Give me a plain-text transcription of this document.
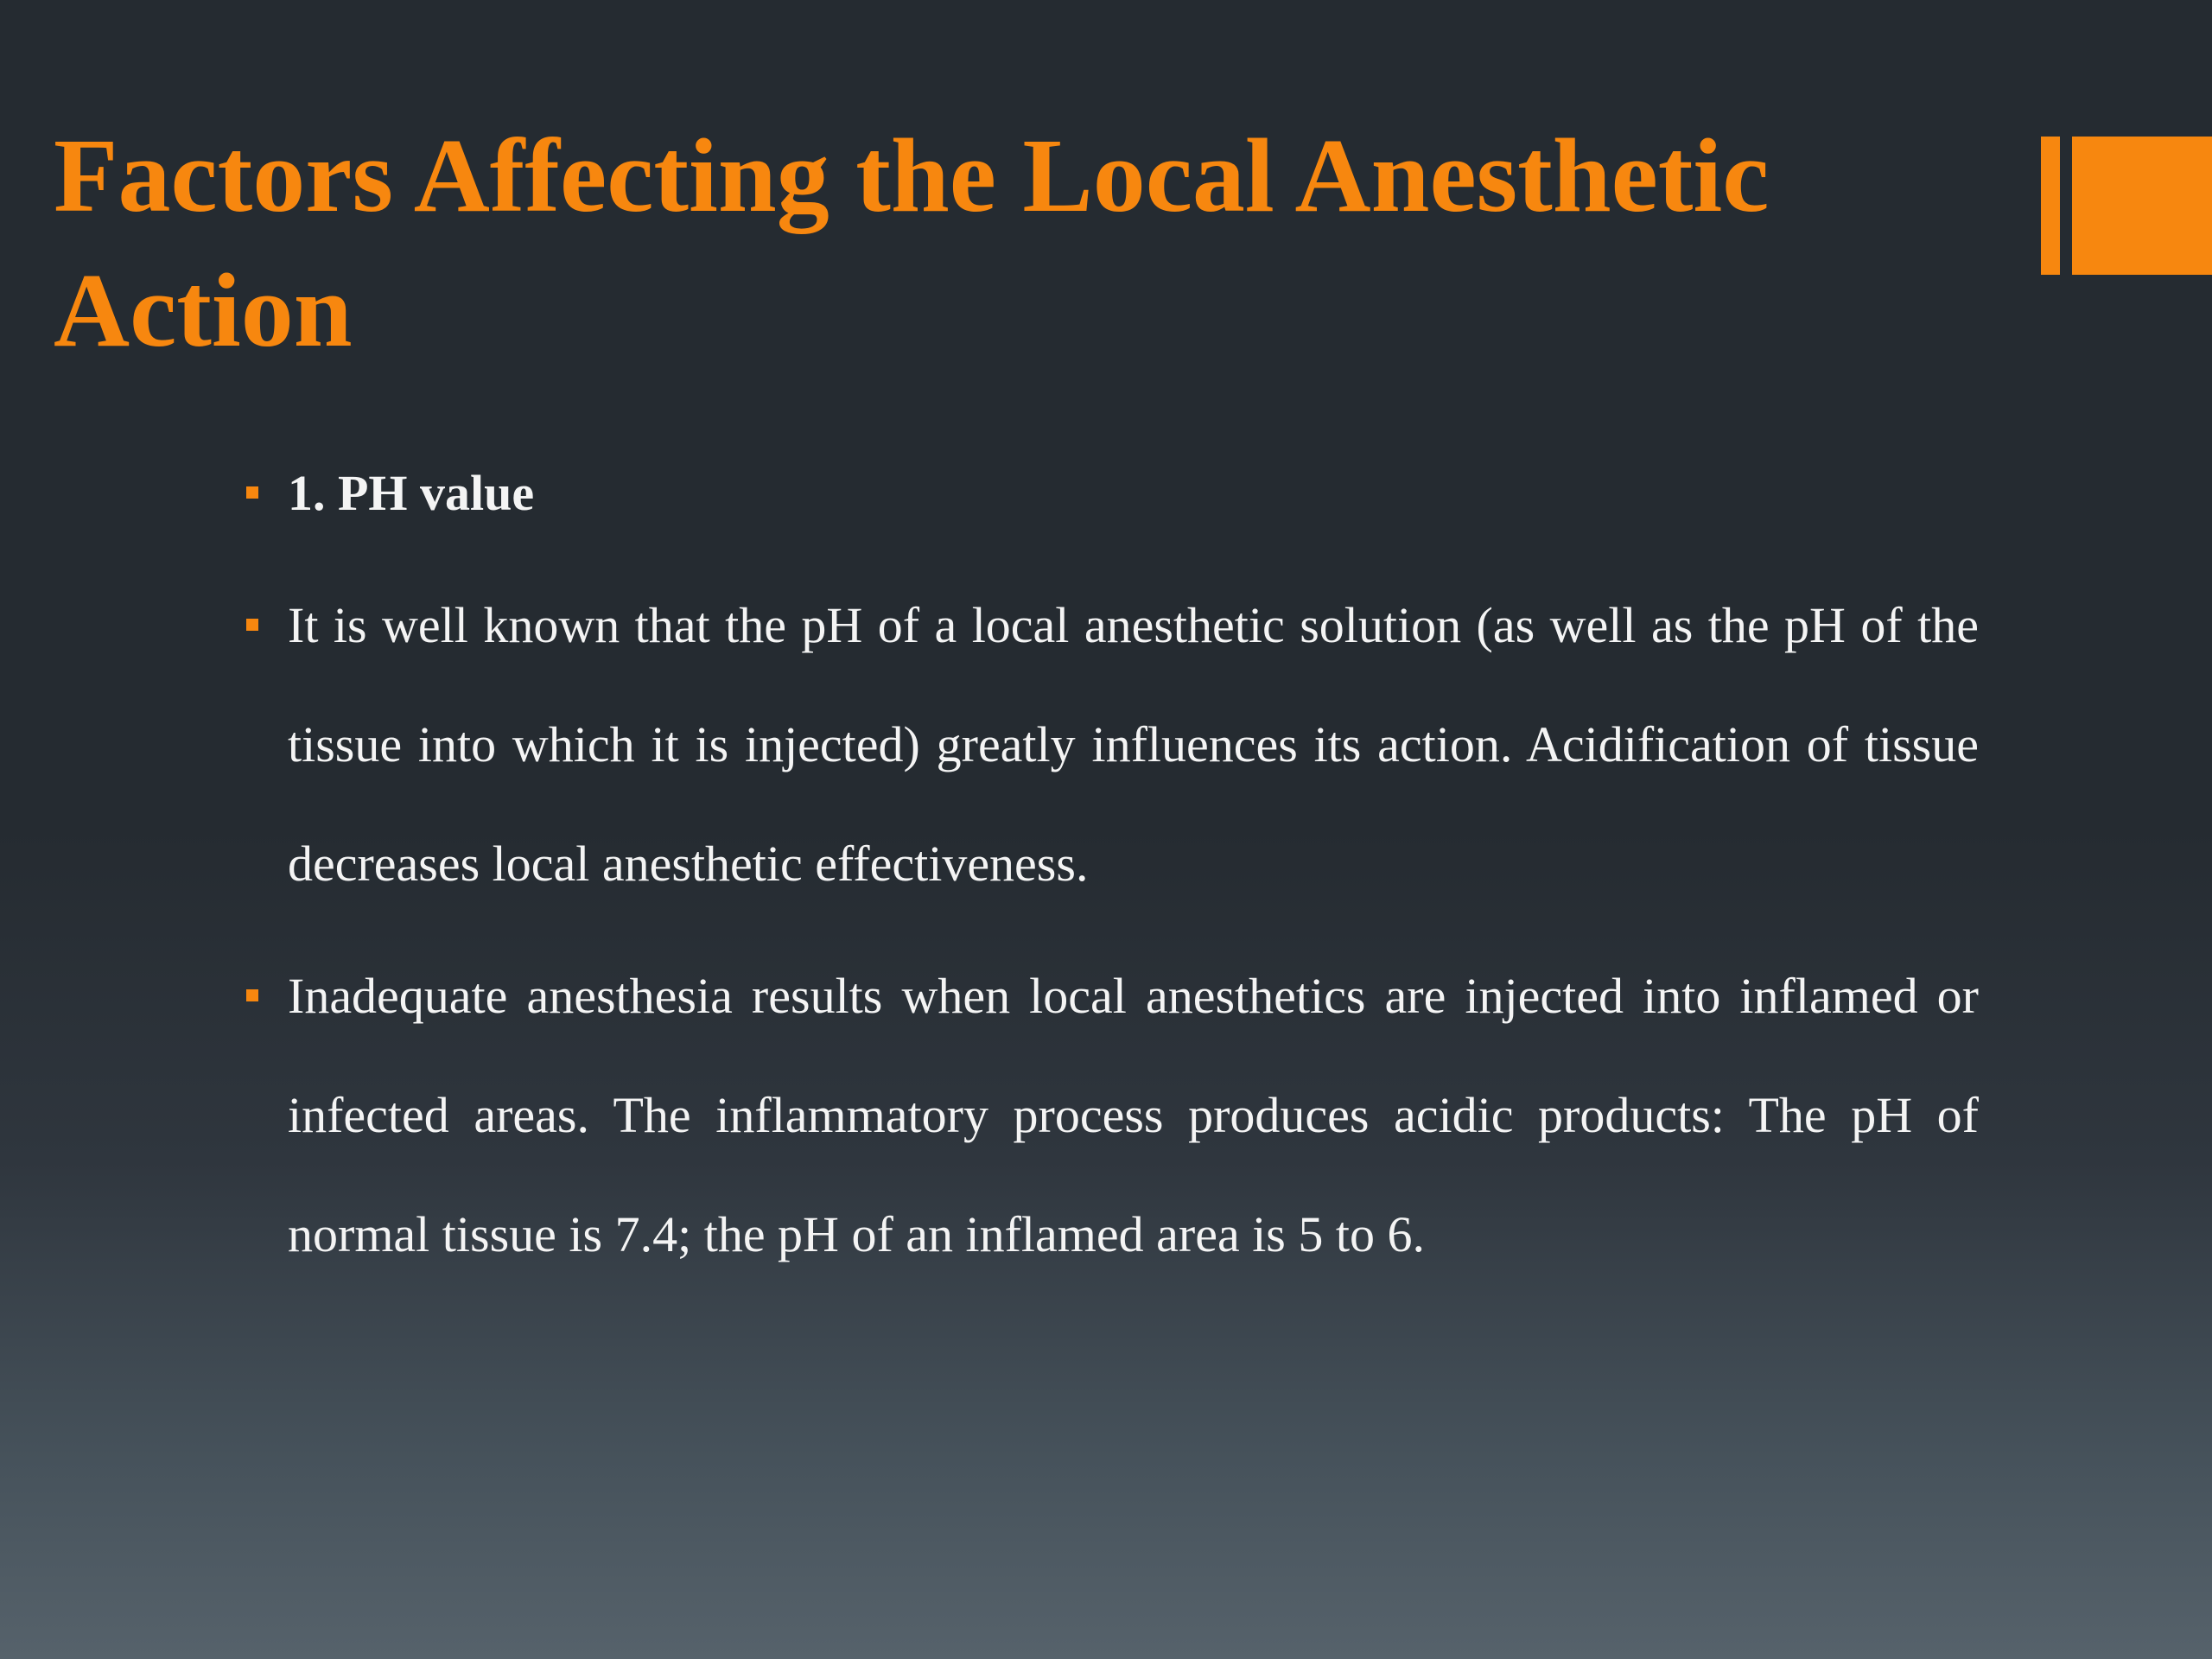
Factors Affecting the Local Anesthetic Action
1. PH value
It is well known that the pH of a local anesthetic solution (as well as the pH of the tissue into which it is injected) greatly influences its action. Acidification of tissue decreases local anesthetic effectiveness.
Inadequate anesthesia results when local anesthetics are injected into inflamed or infected areas. The inflammatory process produces acidic products: The pH of normal tissue is 7.4; the pH of an inflamed area is 5 to 6.
